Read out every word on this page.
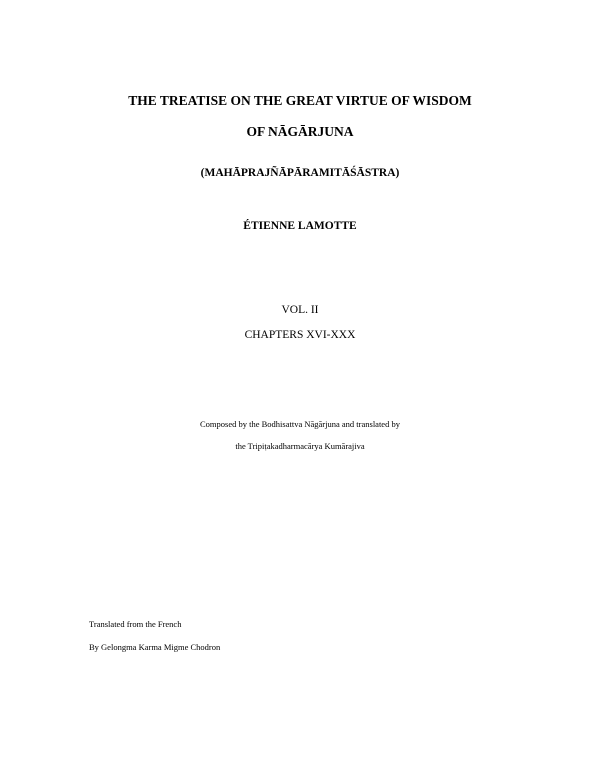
THE TREATISE ON THE GREAT VIRTUE OF WISDOM
OF NĀGĀRJUNA
(MAHĀPRAJÑĀPĀRAMITĀŚĀSTRA)
ÉTIENNE LAMOTTE
VOL. II
CHAPTERS XVI-XXX
Composed by the Bodhisattva Nāgārjuna and translated by
the Tripiṭakadharmacārya Kumārajiva
Translated from the French
By Gelongma Karma Migme Chodron
